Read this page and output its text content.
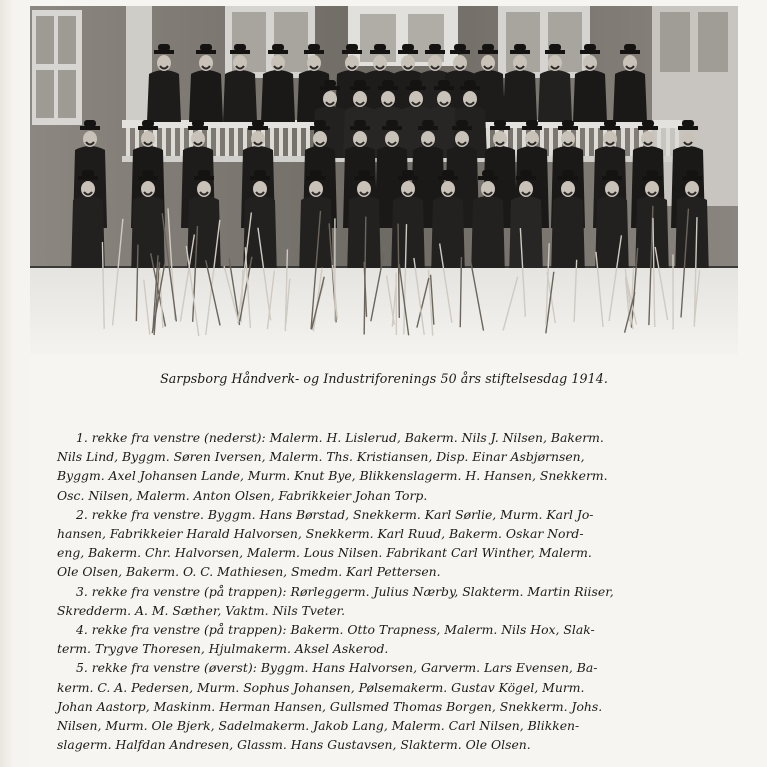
Sarpsborg Håndverk- og Industriforenings 50 års stiftelsesdag 1914.
1. rekke fra venstre (nederst): Malerm. H. Lislerud, Bakerm. Nils J. Nilsen, Bakerm.
Nils Lind, Byggm. Søren Iversen, Malerm. Ths. Kristiansen, Disp. Einar Asbjørnsen,
Byggm. Axel Johansen Lande, Murm. Knut Bye, Blikkenslagerm. H. Hansen, Snekkerm.
Osc. Nilsen, Malerm. Anton Olsen, Fabrikkeier Johan Torp.
2. rekke fra venstre. Byggm. Hans Børstad, Snekkerm. Karl Sørlie, Murm. Karl Jo-
hansen, Fabrikkeier Harald Halvorsen, Snekkerm. Karl Ruud, Bakerm. Oskar Nord-
eng, Bakerm. Chr. Halvorsen, Malerm. Lous Nilsen. Fabrikant Carl Winther, Malerm.
Ole Olsen, Bakerm. O. C. Mathiesen, Smedm. Karl Pettersen.
3. rekke fra venstre (på trappen): Rørleggerm. Julius Nærby, Slakterm. Martin Riiser,
Skredderm. A. M. Sæther, Vaktm. Nils Tveter.
4. rekke fra venstre (på trappen): Bakerm. Otto Trapness, Malerm. Nils Hox, Slak-
term. Trygve Thoresen, Hjulmakerm. Aksel Askerod.
5. rekke fra venstre (øverst): Byggm. Hans Halvorsen, Garverm. Lars Evensen, Ba-
kerm. C. A. Pedersen, Murm. Sophus Johansen, Pølsemakerm. Gustav Kögel, Murm.
Johan Aastorp, Maskinm. Herman Hansen, Gullsmed Thomas Borgen, Snekkerm. Johs.
Nilsen, Murm. Ole Bjerk, Sadelmakerm. Jakob Lang, Malerm. Carl Nilsen, Blikken-
slagerm. Halfdan Andresen, Glassm. Hans Gustavsen, Slakterm. Ole Olsen.
